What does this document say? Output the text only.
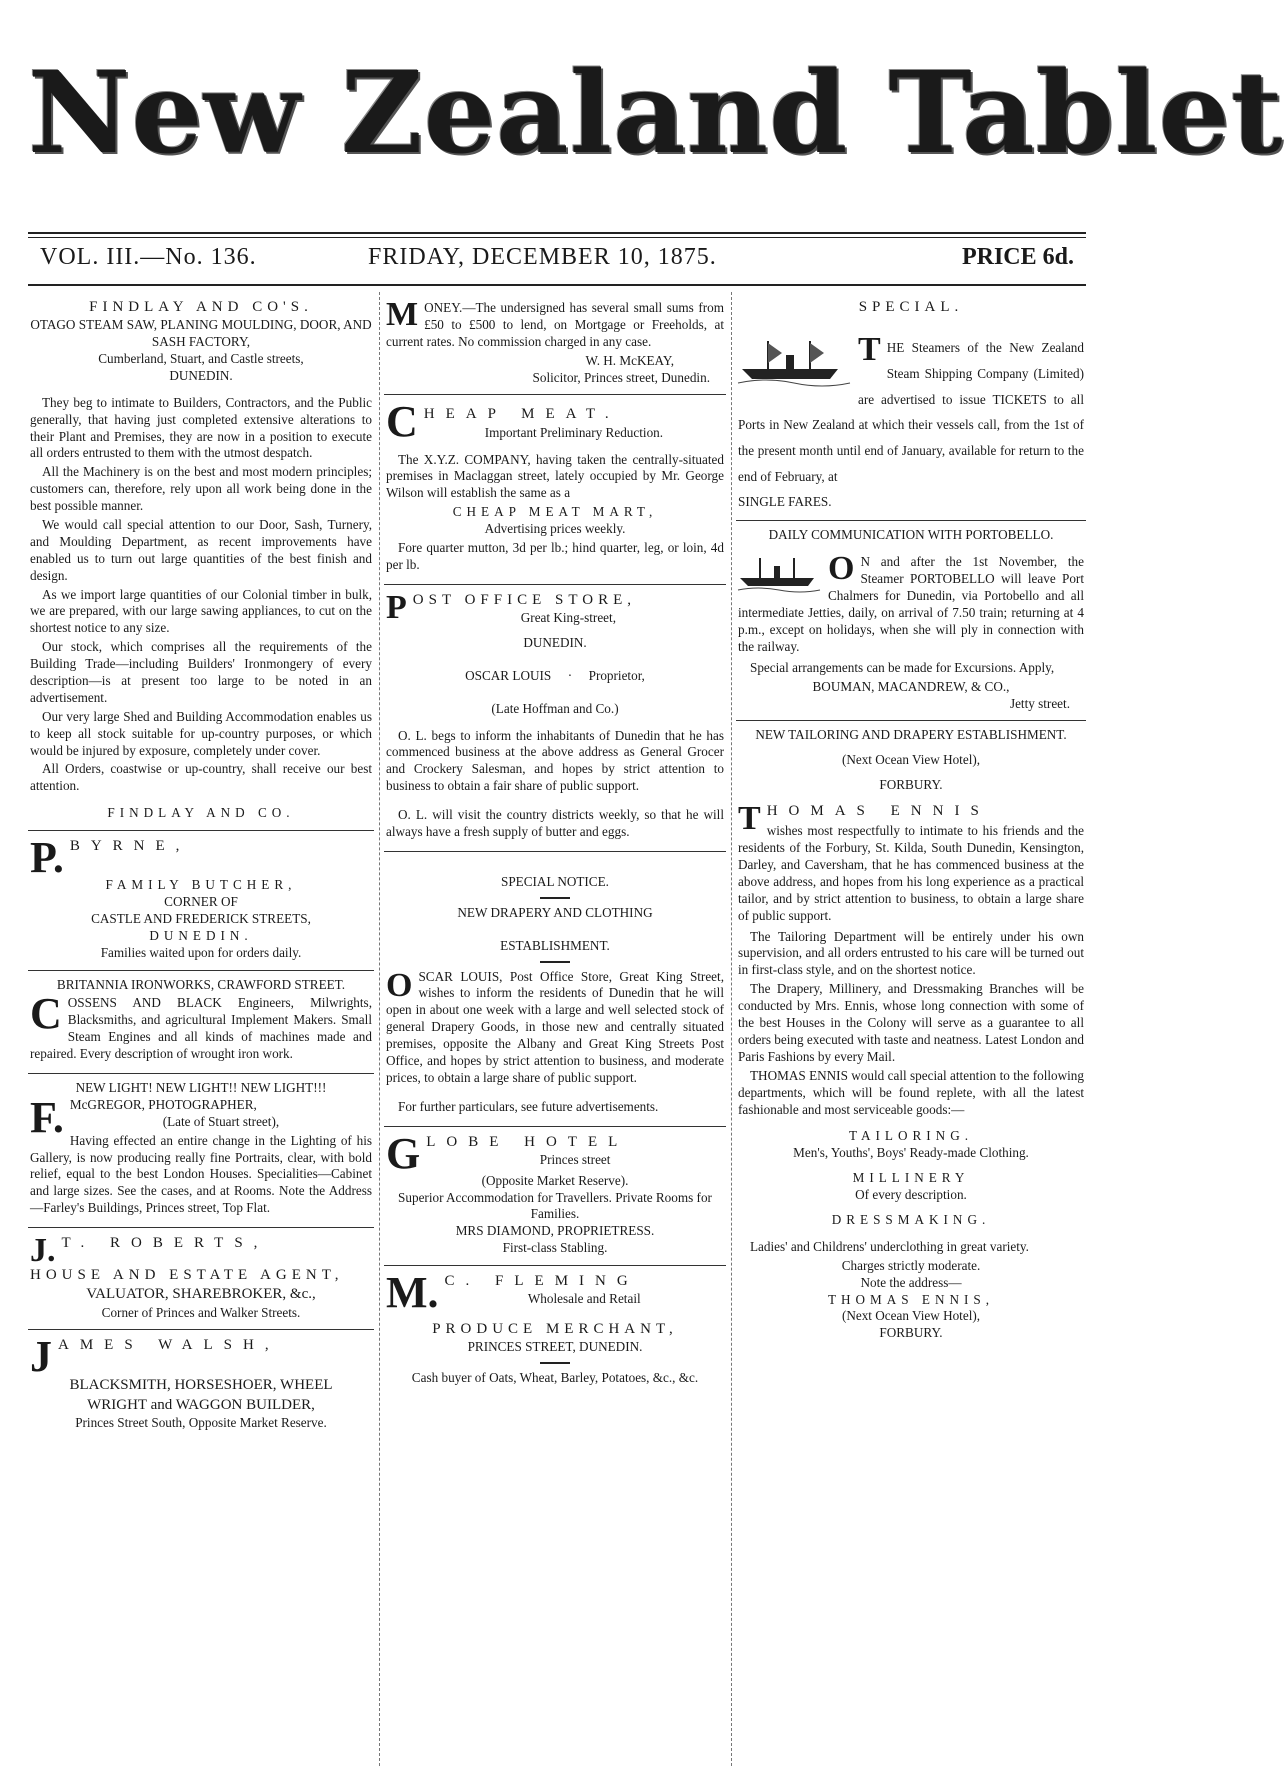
New Zealand Tablet
VOL. III.—No. 136.	FRIDAY, DECEMBER 10, 1875.	PRICE 6d.
FINDLAY AND CO'S.
OTAGO STEAM SAW, PLANING MOULDING, DOOR, AND SASH FACTORY,
Cumberland, Stuart, and Castle streets,
DUNEDIN.

They beg to intimate to Builders, Contractors, and the Public generally, that having just completed extensive alterations to their Plant and Premises, they are now in a position to execute all orders entrusted to them with the utmost despatch.

All the Machinery is on the best and most modern principles; customers can, therefore, rely upon all work being done in the best possible manner.

We would call special attention to our Door, Sash, Turnery, and Moulding Department, as recent improvements have enabled us to turn out large quantities of the best finish and design.

As we import large quantities of our Colonial timber in bulk, we are prepared, with our large sawing appliances, to cut on the shortest notice to any size.

Our stock, which comprises all the requirements of the Building Trade—including Builders' Ironmongery of every description—is at present too large to be noted in an advertisement.

Our very large Shed and Building Accommodation enables us to keep all stock suitable for up-country purposes, or which would be injured by exposure, completely under cover.

All Orders, coastwise or up-country, shall receive our best attention.

FINDLAY AND CO.
P. BYRNE,
FAMILY BUTCHER,
CORNER OF
CASTLE AND FREDERICK STREETS,
DUNEDIN.
Families waited upon for orders daily.
BRITANNIA IRONWORKS, CRAWFORD STREET.
C OSSENS AND BLACK Engineers, Milwrights, Blacksmiths, and agricultural Implement Makers. Small Steam Engines and all kinds of machines made and repaired. Every description of wrought iron work.

NEW LIGHT! NEW LIGHT!! NEW LIGHT!!!
F. McGREGOR, PHOTOGRAPHER,
(Late of Stuart street),

Having effected an entire change in the Lighting of his Gallery, is now producing really fine Portraits, clear, with bold relief, equal to the best London Houses. Specialities—Cabinet and large sizes. See the cases, and at Rooms. Note the Address—Farley's Buildings, Princes street, Top Flat.

J. T. ROBERTS,
HOUSE AND ESTATE AGENT,
VALUATOR, SHAREBROKER, &c.,
Corner of Princes and Walker Streets.
J AMES WALSH,
BLACKSMITH, HORSESHOER, WHEEL
WRIGHT and WAGGON BUILDER,
Princes Street South, Opposite Market Reserve.
M ONEY.—The undersigned has several small sums from £50 to £500 to lend, on Mortgage or Freeholds, at current rates. No commission charged in any case.

W. H. McKEAY,
Solicitor, Princes street, Dunedin.
C HEAP MEAT.
Important Preliminary Reduction.

The X.Y.Z. COMPANY, having taken the centrally-situated premises in Maclaggan street, lately occupied by Mr. George Wilson will establish the same as a

CHEAP MEAT MART,
Advertising prices weekly.

Fore quarter mutton, 3d per lb.; hind quarter, leg, or loin, 4d per lb.

P OST OFFICE STORE,
Great King-street,
DUNEDIN.
OSCAR LOUIS · Proprietor,
(Late Hoffman and Co.)

O. L. begs to inform the inhabitants of Dunedin that he has commenced business at the above address as General Grocer and Crockery Salesman, and hopes by strict attention to business to obtain a fair share of public support.

O. L. will visit the country districts weekly, so that he will always have a fresh supply of butter and eggs.

SPECIAL NOTICE.
NEW DRAPERY AND CLOTHING
ESTABLISHMENT.
O SCAR LOUIS, Post Office Store, Great King Street, wishes to inform the residents of Dunedin that he will open in about one week with a large and well selected stock of general Drapery Goods, in those new and centrally situated premises, opposite the Albany and Great King Streets Post Office, and hopes by strict attention to business, and moderate prices, to obtain a large share of public support.

For further particulars, see future advertisements.

G LOBE HOTEL
Princes street
(Opposite Market Reserve).
Superior Accommodation for Travellers. Private Rooms for Families.
MRS DIAMOND, PROPRIETRESS.
First-class Stabling.
M. C. FLEMING
Wholesale and Retail
PRODUCE MERCHANT,
PRINCES STREET, DUNEDIN.
Cash buyer of Oats, Wheat, Barley, Potatoes, &c., &c.
SPECIAL.
T HE Steamers of the New Zealand Steam Shipping Company (Limited) are advertised to issue TICKETS to all Ports in New Zealand at which their vessels call, from the 1st of the present month until end of January, available for return to the end of February, at

SINGLE FARES.

DAILY COMMUNICATION WITH PORTOBELLO.
O N and after the 1st November, the Steamer PORTOBELLO will leave Port Chalmers for Dunedin, via Portobello and all intermediate Jetties, daily, on arrival of 7.50 train; returning at 4 p.m., except on holidays, when she will ply in connection with the railway.

Special arrangements can be made for Excursions. Apply,

BOUMAN, MACANDREW, & CO.,
Jetty street.
NEW TAILORING AND DRAPERY ESTABLISHMENT.
(Next Ocean View Hotel),
FORBURY.
T HOMAS ENNIS

wishes most respectfully to intimate to his friends and the residents of the Forbury, St. Kilda, South Dunedin, Kensington, Darley, and Caversham, that he has commenced business at the above address, and hopes from his long experience as a practical tailor, and by strict attention to business, to obtain a large share of public support.

The Tailoring Department will be entirely under his own supervision, and all orders entrusted to his care will be turned out in first-class style, and on the shortest notice.

The Drapery, Millinery, and Dressmaking Branches will be conducted by Mrs. Ennis, whose long connection with some of the best Houses in the Colony will serve as a guarantee to all orders being executed with taste and neatness. Latest London and Paris Fashions by every Mail.

THOMAS ENNIS would call special attention to the following departments, which will be found replete, with all the latest fashionable and most serviceable goods:—

TAILORING.
Men's, Youths', Boys' Ready-made Clothing.
MILLINERY
Of every description.
DRESSMAKING.

Ladies' and Childrens' underclothing in great variety.

Charges strictly moderate.
Note the address—
THOMAS ENNIS,
(Next Ocean View Hotel),
FORBURY.
